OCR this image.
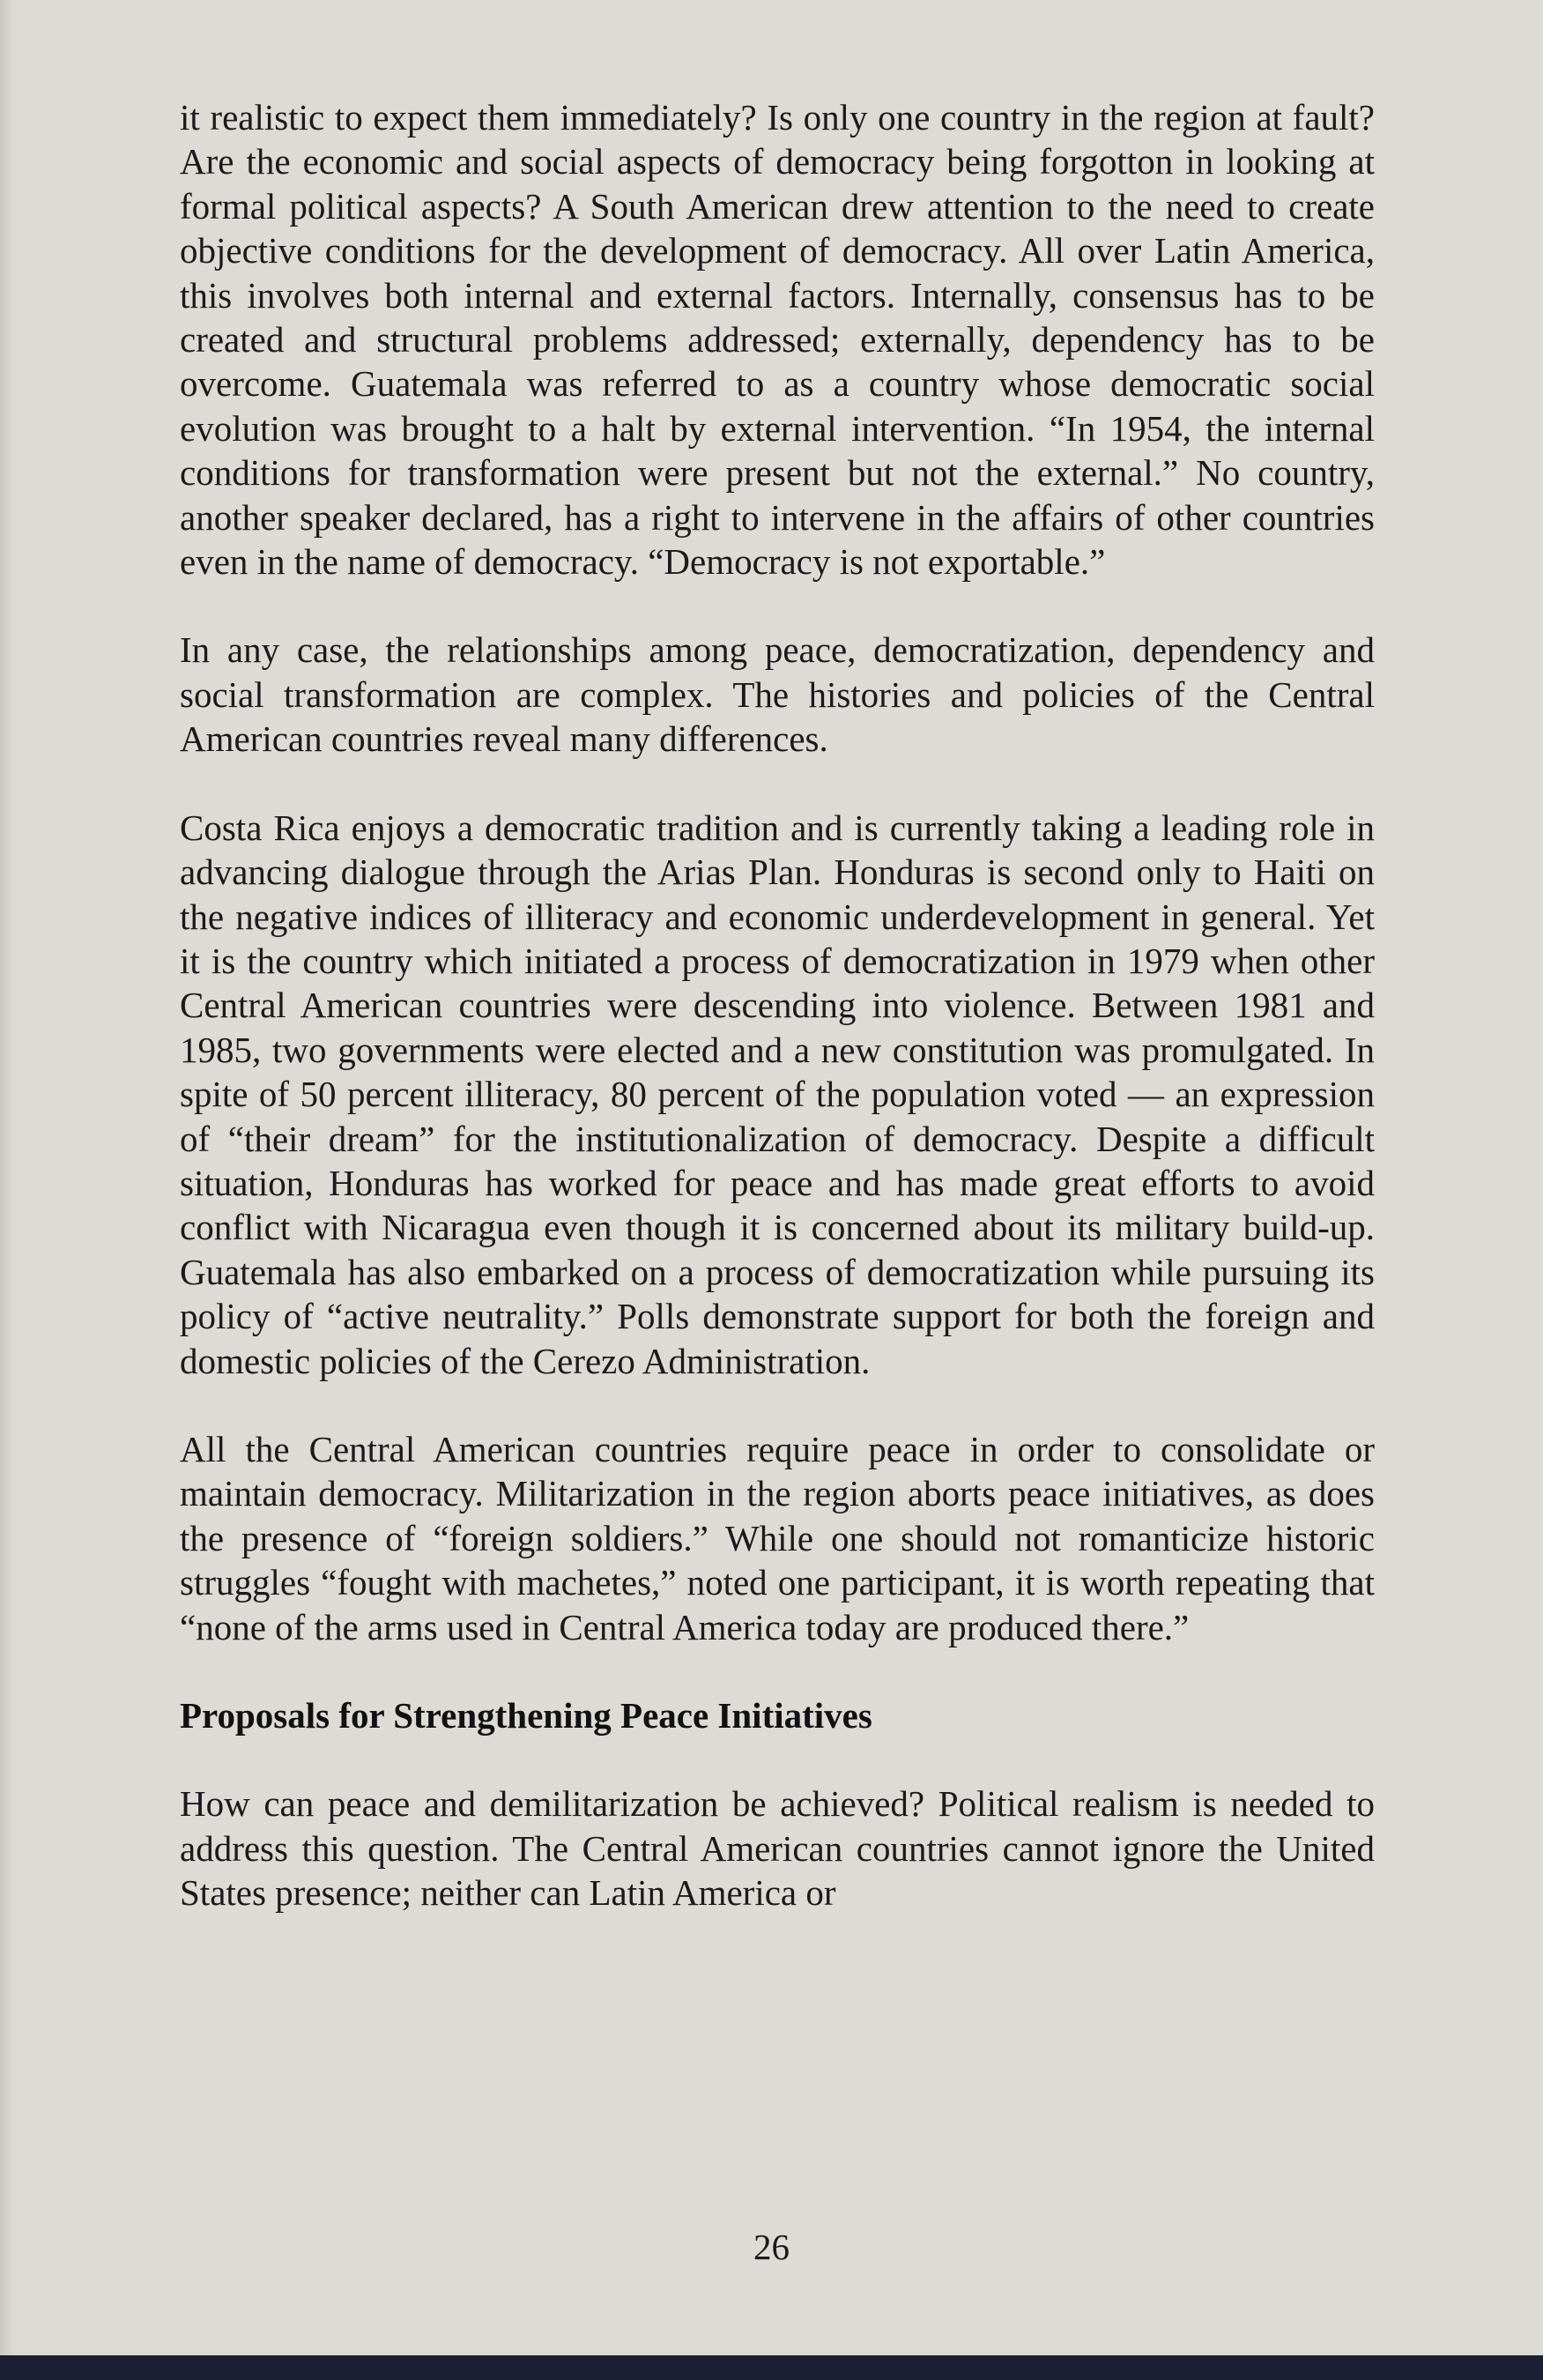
it realistic to expect them immediately? Is only one country in the region at fault? Are the economic and social aspects of democracy being forgotton in looking at formal political aspects? A South American drew attention to the need to create objective conditions for the development of democracy. All over Latin America, this involves both internal and external factors. Internally, consensus has to be created and structural problems addressed; externally, dependency has to be overcome. Guatemala was referred to as a country whose democratic social evolution was brought to a halt by external intervention. “In 1954, the internal conditions for transformation were present but not the external.” No country, another speaker declared, has a right to intervene in the affairs of other countries even in the name of democracy. “Democracy is not exportable.”

In any case, the relationships among peace, democratization, dependency and social transformation are complex. The histories and policies of the Central American countries reveal many differences.

Costa Rica enjoys a democratic tradition and is currently taking a leading role in advancing dialogue through the Arias Plan. Honduras is second only to Haiti on the negative indices of illiteracy and economic underdevelopment in general. Yet it is the country which initiated a process of democratization in 1979 when other Central American countries were descending into violence. Between 1981 and 1985, two governments were elected and a new constitution was promulgated. In spite of 50 percent illiteracy, 80 percent of the population voted — an expression of “their dream” for the institutionalization of democracy. Despite a difficult situation, Honduras has worked for peace and has made great efforts to avoid conflict with Nicaragua even though it is concerned about its military build-up. Guatemala has also embarked on a process of democratization while pursuing its policy of “active neutrality.” Polls demonstrate support for both the foreign and domestic policies of the Cerezo Administration.

All the Central American countries require peace in order to consolidate or maintain democracy. Militarization in the region aborts peace initiatives, as does the presence of “foreign soldiers.” While one should not romanticize historic struggles “fought with machetes,” noted one participant, it is worth repeating that “none of the arms used in Central America today are produced there.”

Proposals for Strengthening Peace Initiatives

How can peace and demilitarization be achieved? Political realism is needed to address this question. The Central American countries cannot ignore the United States presence; neither can Latin America or

26
